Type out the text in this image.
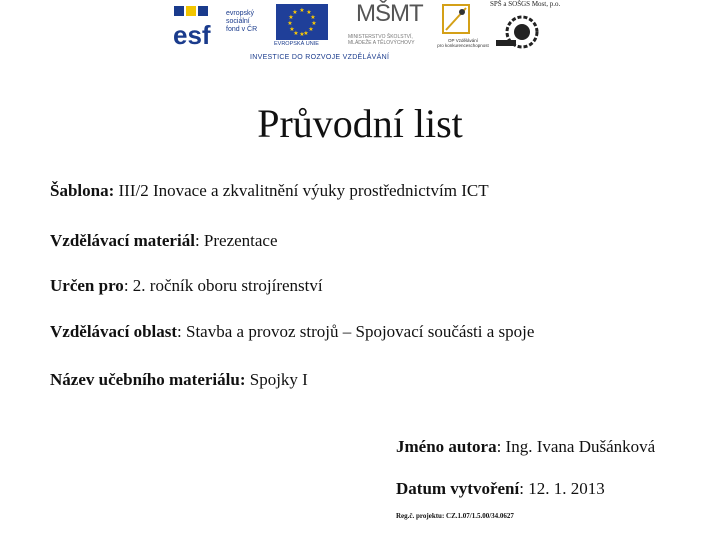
esf
evropský
sociální
fond v ČR
★ ★
★
★
★
★
★
★
★
★
★
★
EVROPSKÁ UNIE
MŠMT
MINISTERSTVO ŠKOLSTVÍ,
MLÁDEŽE A TĚLOVÝCHOVY	OP Vzdělávání
pro konkurenceschopnost
SPŠ a SOŠGS Most, p.o.
INVESTICE DO ROZVOJE VZDĚLÁVÁNÍ
Průvodní list
Šablona: III/2 Inovace a zkvalitnění výuky prostřednictvím ICT
Vzdělávací materiál: Prezentace
Určen pro: 2. ročník oboru strojírenství
Vzdělávací oblast: Stavba a provoz strojů – Spojovací součásti a spoje
Název učebního materiálu: Spojky I
Jméno autora: Ing. Ivana Dušánková
Datum vytvoření: 12. 1. 2013
Reg.č. projektu: CZ.1.07/1.5.00/34.0627
